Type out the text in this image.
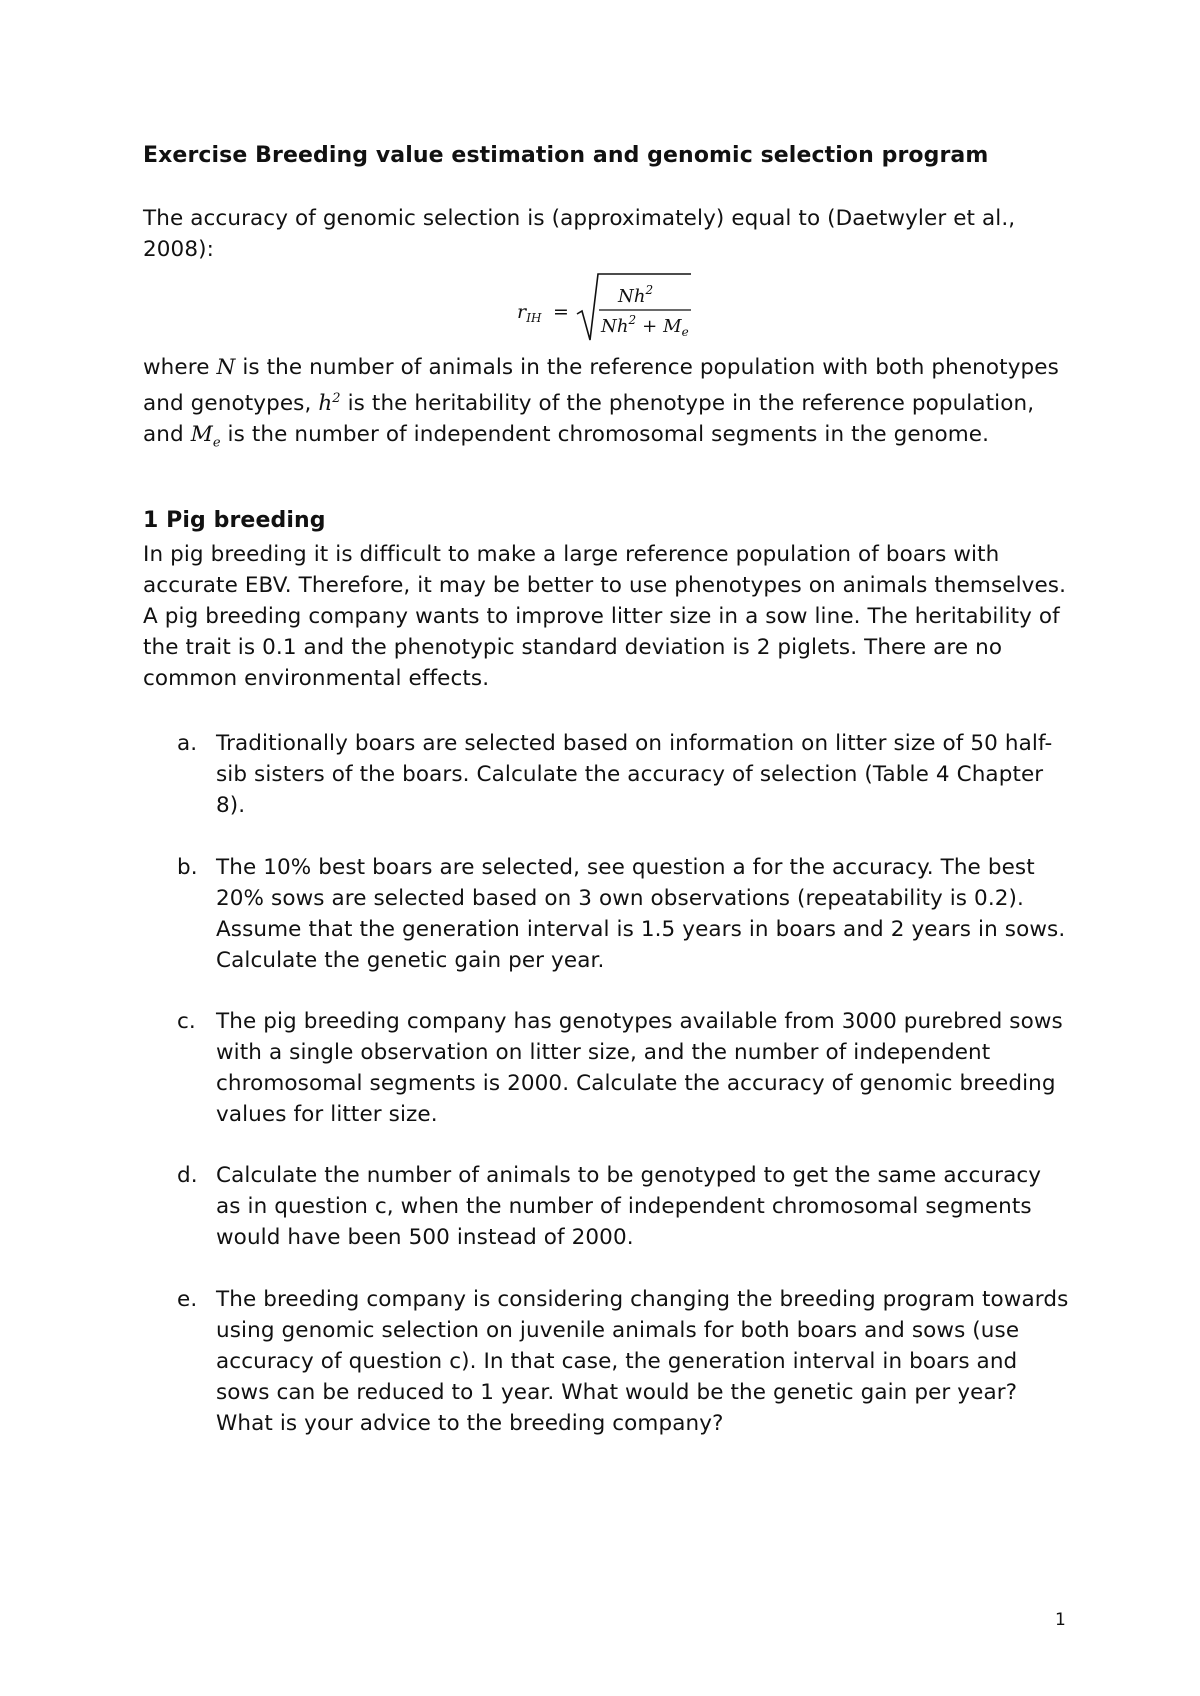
Exercise Breeding value estimation and genomic selection program

The accuracy of genomic selection is (approximately) equal to (Daetwyler et al., 2008):

$r_{IH}$ =
$Nh^2$
$Nh^2 + M_e$

where N is the number of animals in the reference population with both phenotypes and genotypes, $h^2$ is the heritability of the phenotype in the reference population, and $M_e$ is the number of independent chromosomal segments in the genome.

1 Pig breeding

In pig breeding it is difficult to make a large reference population of boars with accurate EBV. Therefore, it may be better to use phenotypes on animals themselves. A pig breeding company wants to improve litter size in a sow line. The heritability of the trait is 0.1 and the phenotypic standard deviation is 2 piglets. There are no common environmental effects.

a. Traditionally boars are selected based on information on litter size of 50 half-sib sisters of the boars. Calculate the accuracy of selection (Table 4 Chapter 8).
b. The 10% best boars are selected, see question a for the accuracy. The best 20% sows are selected based on 3 own observations (repeatability is 0.2). Assume that the generation interval is 1.5 years in boars and 2 years in sows. Calculate the genetic gain per year.
c. The pig breeding company has genotypes available from 3000 purebred sows with a single observation on litter size, and the number of independent chromosomal segments is 2000. Calculate the accuracy of genomic breeding values for litter size.
d. Calculate the number of animals to be genotyped to get the same accuracy as in question c, when the number of independent chromosomal segments would have been 500 instead of 2000.
e. The breeding company is considering changing the breeding program towards using genomic selection on juvenile animals for both boars and sows (use accuracy of question c). In that case, the generation interval in boars and sows can be reduced to 1 year. What would be the genetic gain per year? What is your advice to the breeding company?
1
